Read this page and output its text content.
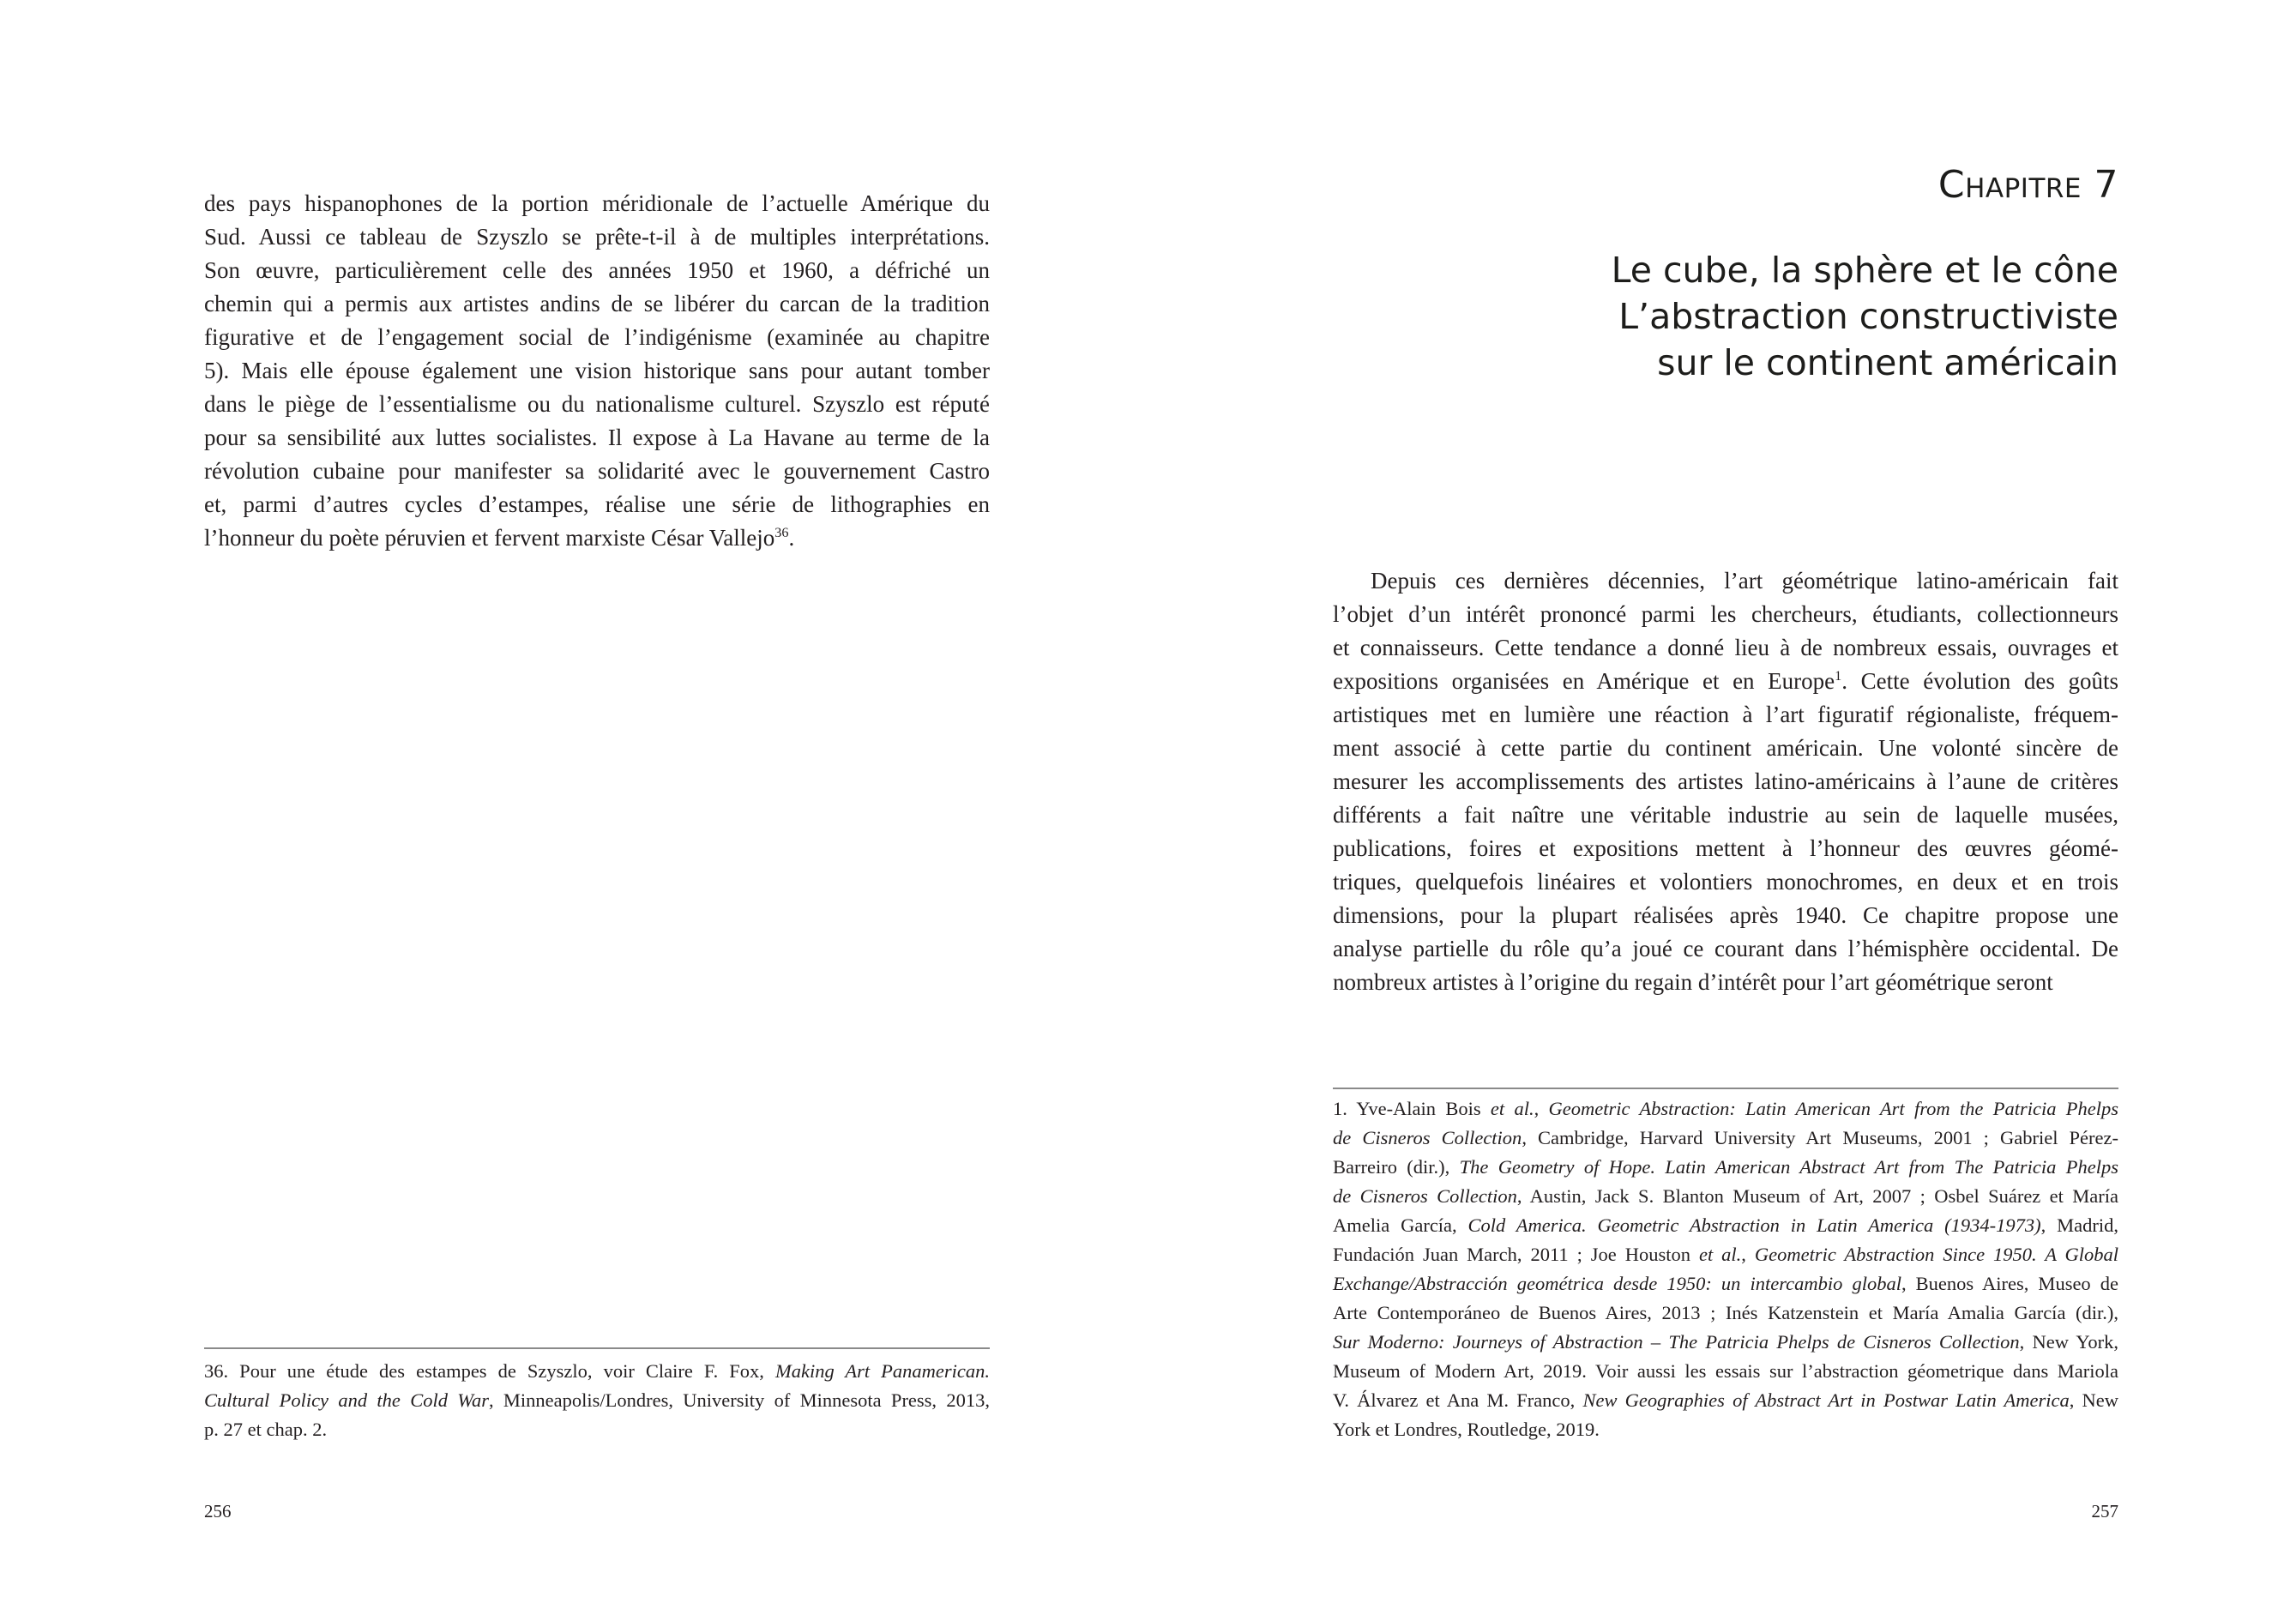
des pays hispanophones de la portion méridionale de l’actuelle Amérique du
Sud. Aussi ce tableau de Szyszlo se prête-t-il à de multiples interprétations.
Son œuvre, particulièrement celle des années 1950 et 1960, a défriché un
chemin qui a permis aux artistes andins de se libérer du carcan de la tradition
figurative et de l’engagement social de l’indigénisme (examinée au chapitre
5). Mais elle épouse également une vision historique sans pour autant tomber
dans le piège de l’essentialisme ou du nationalisme culturel. Szyszlo est réputé
pour sa sensibilité aux luttes socialistes. Il expose à La Havane au terme de la
révolution cubaine pour manifester sa solidarité avec le gouvernement Castro
et, parmi d’autres cycles d’estampes, réalise une série de lithographies en
l’honneur du poète péruvien et fervent marxiste César Vallejo$^{36}$.
36. Pour une étude des estampes de Szyszlo, voir Claire F. Fox, Making Art Panamerican.
Cultural Policy and the Cold War, Minneapolis/Londres, University of Minnesota Press, 2013,
p. 27 et chap. 2.
256
Chapitre 7
Le cube, la sphère et le cône
L’abstraction constructiviste
sur le continent américain
Depuis ces dernières décennies, l’art géométrique latino-américain fait
l’objet d’un intérêt prononcé parmi les chercheurs, étudiants, collectionneurs
et connaisseurs. Cette tendance a donné lieu à de nombreux essais, ouvrages et
expositions organisées en Amérique et en Europe$^1$. Cette évolution des goûts
artistiques met en lumière une réaction à l’art figuratif régionaliste, fréquem-
ment associé à cette partie du continent américain. Une volonté sincère de
mesurer les accomplissements des artistes latino-américains à l’aune de critères
différents a fait naître une véritable industrie au sein de laquelle musées,
publications, foires et expositions mettent à l’honneur des œuvres géomé-
triques, quelquefois linéaires et volontiers monochromes, en deux et en trois
dimensions, pour la plupart réalisées après 1940. Ce chapitre propose une
analyse partielle du rôle qu’a joué ce courant dans l’hémisphère occidental. De
nombreux artistes à l’origine du regain d’intérêt pour l’art géométrique seront
1. Yve-Alain Bois et al., Geometric Abstraction: Latin American Art from the Patricia Phelps
de Cisneros Collection, Cambridge, Harvard University Art Museums, 2001 ; Gabriel Pérez-
Barreiro (dir.), The Geometry of Hope. Latin American Abstract Art from The Patricia Phelps
de Cisneros Collection, Austin, Jack S. Blanton Museum of Art, 2007 ; Osbel Suárez et María
Amelia García, Cold America. Geometric Abstraction in Latin America (1934-1973), Madrid,
Fundación Juan March, 2011 ; Joe Houston et al., Geometric Abstraction Since 1950. A Global
Exchange/Abstracción geométrica desde 1950: un intercambio global, Buenos Aires, Museo de
Arte Contemporáneo de Buenos Aires, 2013 ; Inés Katzenstein et María Amalia García (dir.),
Sur Moderno: Journeys of Abstraction – The Patricia Phelps de Cisneros Collection, New York,
Museum of Modern Art, 2019. Voir aussi les essais sur l’abstraction géometrique dans Mariola
V. Álvarez et Ana M. Franco, New Geographies of Abstract Art in Postwar Latin America, New
York et Londres, Routledge, 2019.
257
